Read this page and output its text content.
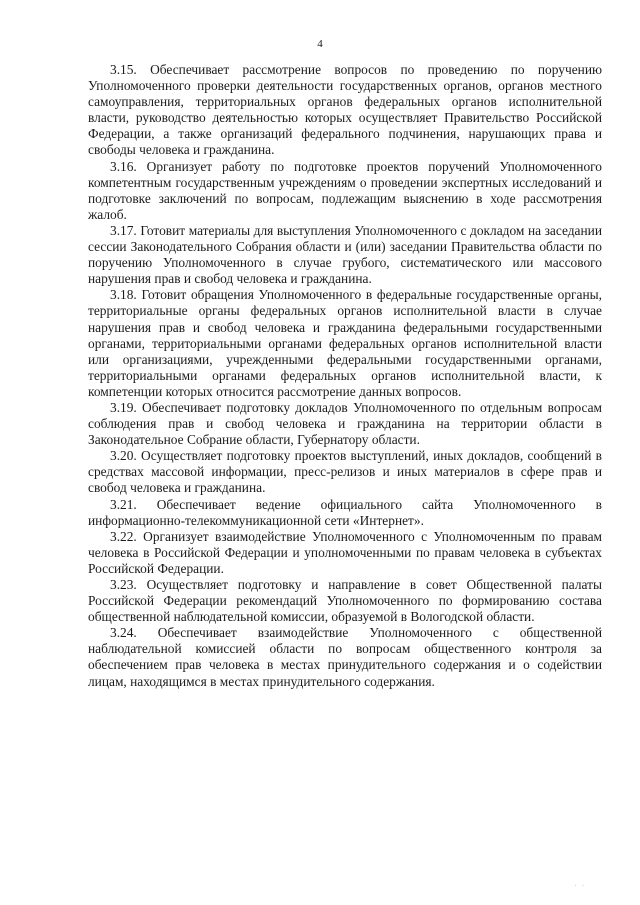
4

3.15. Обеспечивает рассмотрение вопросов по проведению по поручению Уполномоченного проверки деятельности государственных органов, органов местного самоуправления, территориальных органов федеральных органов исполнительной власти, руководство деятельностью которых осуществляет Правительство Российской Федерации, а также организаций федерального подчинения, нарушающих права и свободы человека и гражданина.

3.16. Организует работу по подготовке проектов поручений Уполномоченного компетентным государственным учреждениям о проведении экспертных исследований и подготовке заключений по вопросам, подлежащим выяснению в ходе рассмотрения жалоб.

3.17. Готовит материалы для выступления Уполномоченного с докладом на заседании сессии Законодательного Собрания области и (или) заседании Правительства области по поручению Уполномоченного в случае грубого, систематического или массового нарушения прав и свобод человека и гражданина.

3.18. Готовит обращения Уполномоченного в федеральные государственные органы, территориальные органы федеральных органов исполнительной власти в случае нарушения прав и свобод человека и гражданина федеральными государственными органами, территориальными органами федеральных органов исполнительной власти или организациями, учрежденными федеральными государственными органами, территориальными органами федеральных органов исполнительной власти, к компетенции которых относится рассмотрение данных вопросов.

3.19. Обеспечивает подготовку докладов Уполномоченного по отдельным вопросам соблюдения прав и свобод человека и гражданина на территории области в Законодательное Собрание области, Губернатору области.

3.20. Осуществляет подготовку проектов выступлений, иных докладов, сообщений в средствах массовой информации, пресс-релизов и иных материалов в сфере прав и свобод человека и гражданина.

3.21. Обеспечивает ведение официального сайта Уполномоченного в информационно-телекоммуникационной сети «Интернет».

3.22. Организует взаимодействие Уполномоченного с Уполномоченным по правам человека в Российской Федерации и уполномоченными по правам человека в субъектах Российской Федерации.

3.23. Осуществляет подготовку и направление в совет Общественной палаты Российской Федерации рекомендаций Уполномоченного по формированию состава общественной наблюдательной комиссии, образуемой в Вологодской области.

3.24. Обеспечивает взаимодействие Уполномоченного с общественной наблюдательной комиссией области по вопросам общественного контроля за обеспечением прав человека в местах принудительного содержания и о содействии лицам, находящимся в местах принудительного содержания.

· ·
